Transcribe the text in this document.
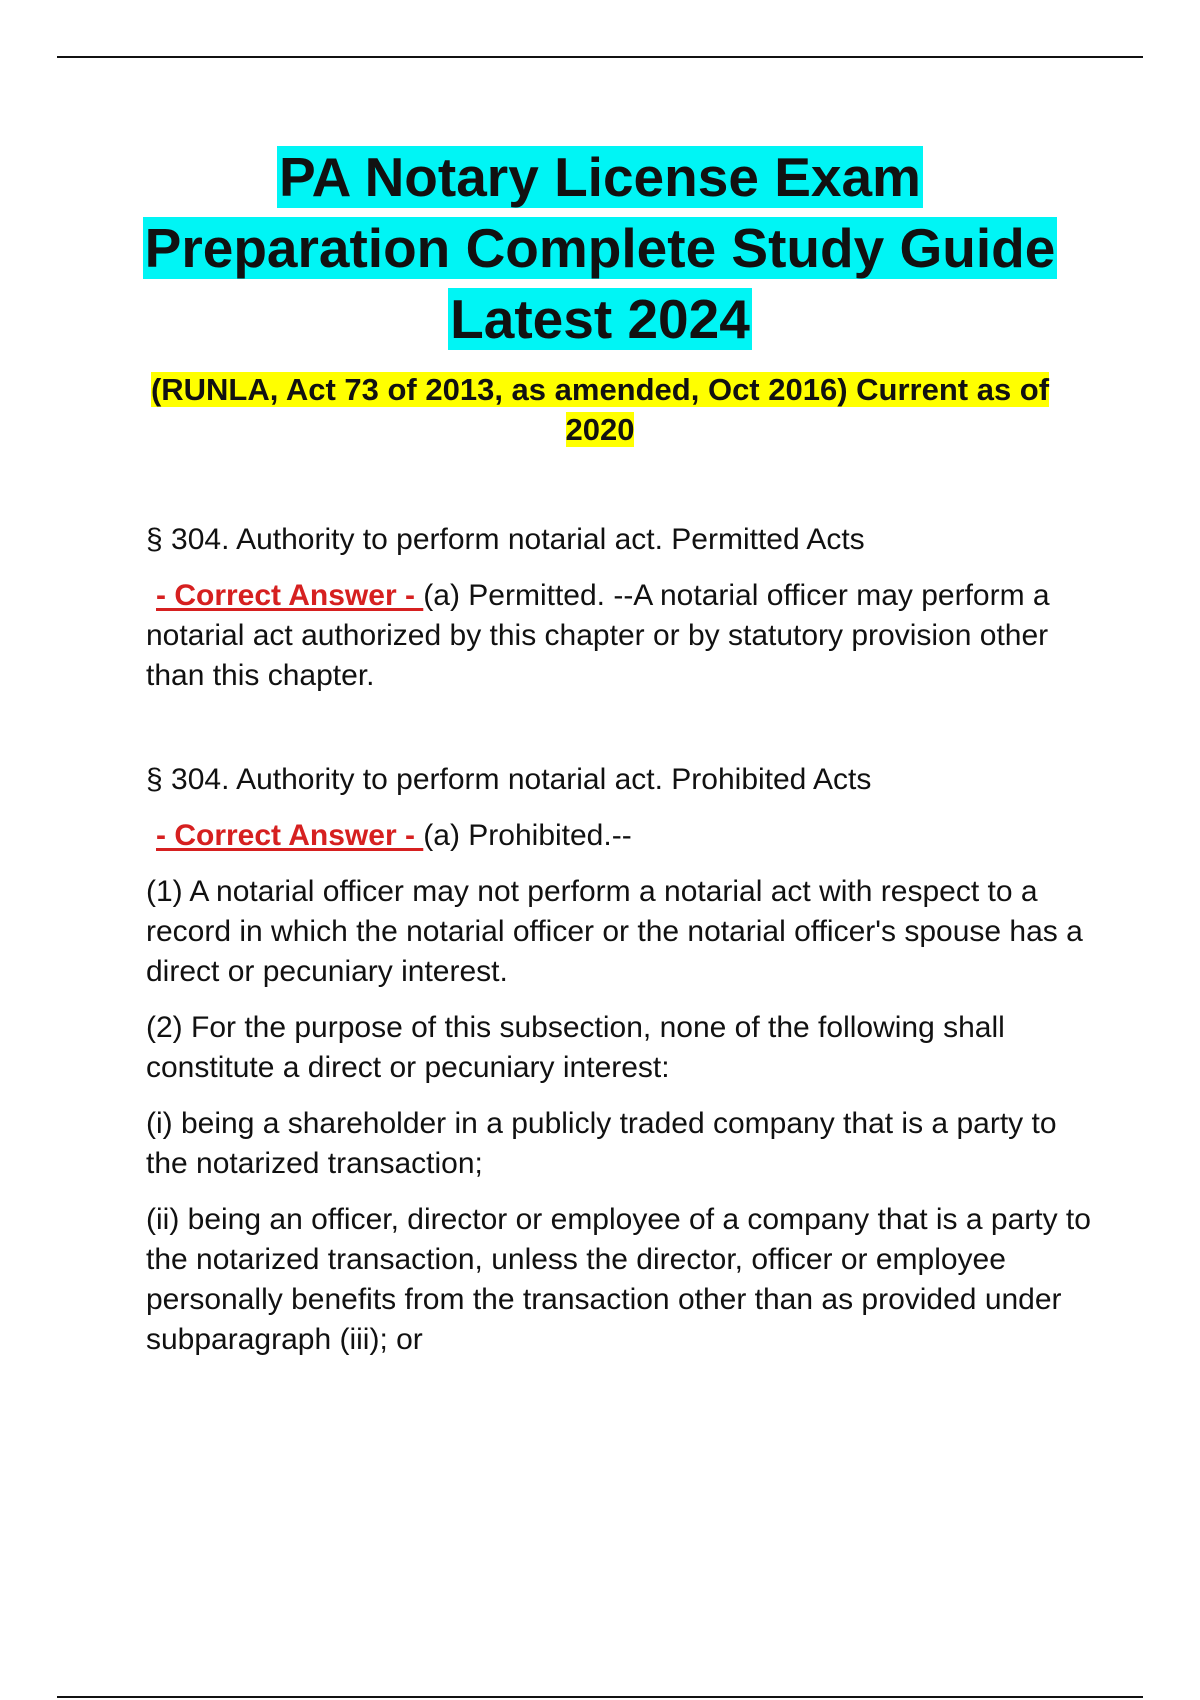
PA Notary License Exam
Preparation Complete Study Guide
Latest 2024

(RUNLA, Act 73 of 2013, as amended, Oct 2016) Current as of
2020

§ 304. Authority to perform notarial act. Permitted Acts

- Correct Answer - (a) Permitted. --A notarial officer may perform a notarial act authorized by this chapter or by statutory provision other than this chapter.

§ 304. Authority to perform notarial act. Prohibited Acts

- Correct Answer - (a) Prohibited.--

(1) A notarial officer may not perform a notarial act with respect to a record in which the notarial officer or the notarial officer's spouse has a direct or pecuniary interest.

(2) For the purpose of this subsection, none of the following shall constitute a direct or pecuniary interest:

(i) being a shareholder in a publicly traded company that is a party to the notarized transaction;

(ii) being an officer, director or employee of a company that is a party to the notarized transaction, unless the director, officer or employee personally benefits from the transaction other than as provided under subparagraph (iii); or
